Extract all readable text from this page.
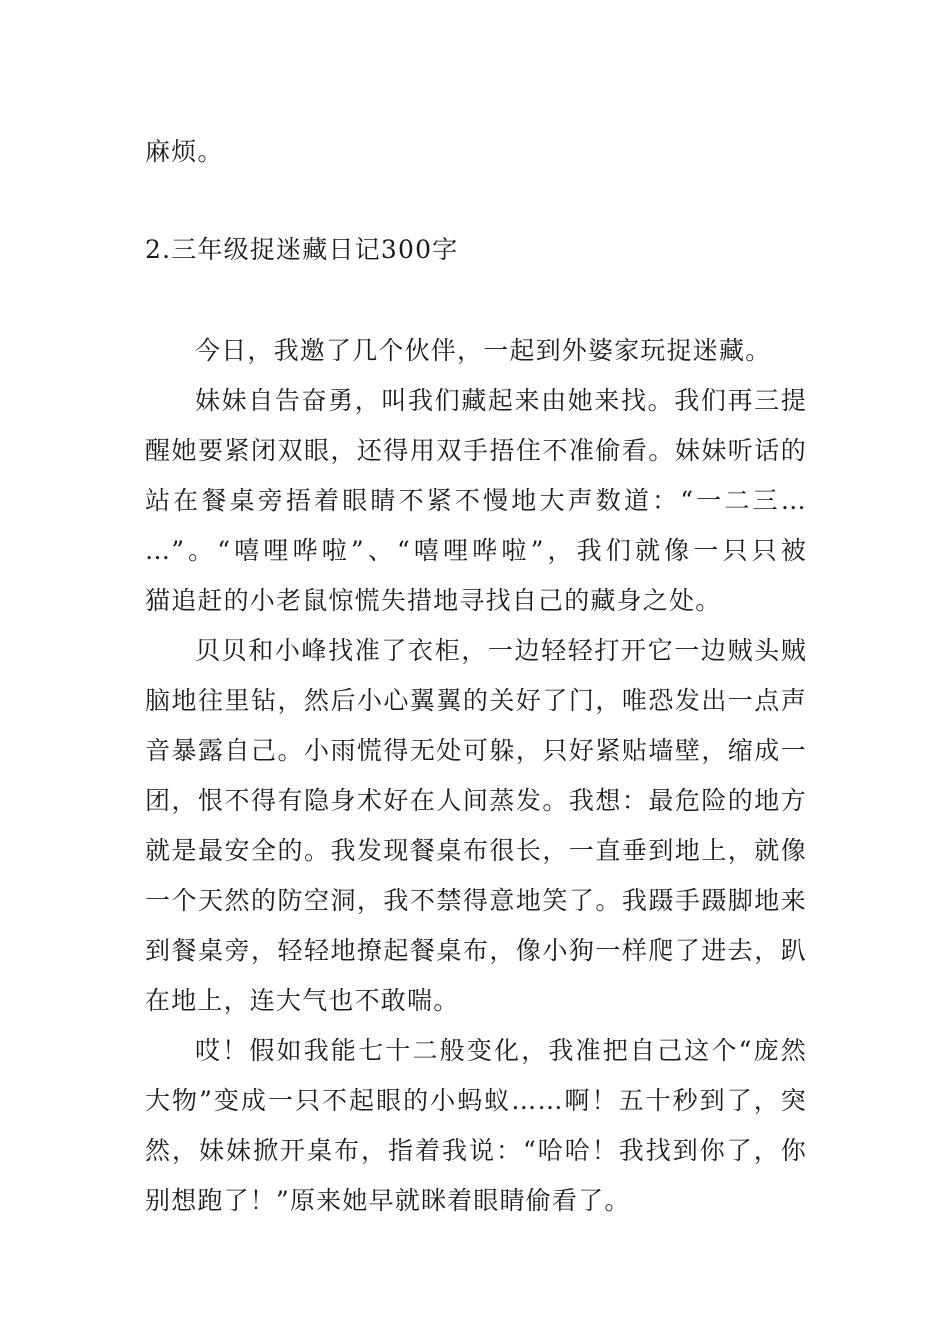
麻烦。
2.三年级捉迷藏日记300字
今日，我邀了几个伙伴，一起到外婆家玩捉迷藏。
妹妹自告奋勇，叫我们藏起来由她来找。我们再三提
醒她要紧闭双眼，还得用双手捂住不准偷看。妹妹听话的
站在餐桌旁捂着眼睛不紧不慢地大声数道：“一二三…
…”。“嘻哩哗啦”、“嘻哩哗啦”，我们就像一只只被
猫追赶的小老鼠惊慌失措地寻找自己的藏身之处。
贝贝和小峰找准了衣柜，一边轻轻打开它一边贼头贼
脑地往里钻，然后小心翼翼的关好了门，唯恐发出一点声
音暴露自己。小雨慌得无处可躲，只好紧贴墙壁，缩成一
团，恨不得有隐身术好在人间蒸发。我想：最危险的地方
就是最安全的。我发现餐桌布很长，一直垂到地上，就像
一个天然的防空洞，我不禁得意地笑了。我蹑手蹑脚地来
到餐桌旁，轻轻地撩起餐桌布，像小狗一样爬了进去，趴
在地上，连大气也不敢喘。
哎！假如我能七十二般变化，我准把自己这个“庞然
大物”变成一只不起眼的小蚂蚁……啊！五十秒到了，突
然，妹妹掀开桌布，指着我说：“哈哈！我找到你了，你
别想跑了！”原来她早就眯着眼睛偷看了。
